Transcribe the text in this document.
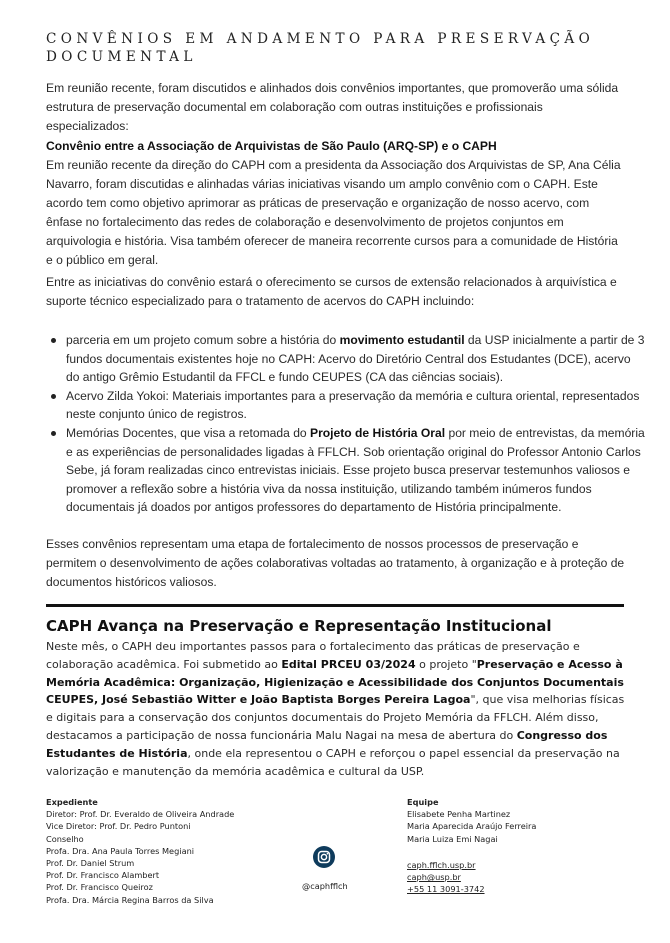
CONVÊNIOS EM ANDAMENTO PARA PRESERVAÇÃO DOCUMENTAL
Em reunião recente, foram discutidos e alinhados dois convênios importantes, que promoverão uma sólida estrutura de preservação documental em colaboração com outras instituições e profissionais especializados:
Convênio entre a Associação de Arquivistas de São Paulo (ARQ-SP) e o CAPH
Em reunião recente da direção do CAPH com a presidenta da Associação dos Arquivistas de SP, Ana Célia Navarro, foram discutidas e alinhadas várias iniciativas visando um amplo convênio com o CAPH. Este acordo tem como objetivo aprimorar as práticas de preservação e organização de nosso acervo, com ênfase no fortalecimento das redes de colaboração e desenvolvimento de projetos conjuntos em arquivologia e história. Visa também oferecer de maneira recorrente cursos para a comunidade de História e o público em geral.
Entre as iniciativas do convênio estará o oferecimento se cursos de extensão relacionados à arquivística e suporte técnico especializado para o tratamento de acervos do CAPH incluindo:
parceria em um projeto comum sobre a história do movimento estudantil da USP inicialmente a partir de 3 fundos documentais existentes hoje no CAPH: Acervo do Diretório Central dos Estudantes (DCE), acervo do antigo Grêmio Estudantil da FFCL e fundo CEUPES (CA das ciências sociais).
Acervo Zilda Yokoi: Materiais importantes para a preservação da memória e cultura oriental, representados neste conjunto único de registros.
Memórias Docentes, que visa a retomada do Projeto de História Oral por meio de entrevistas, da memória e as experiências de personalidades ligadas à FFLCH. Sob orientação original do Professor Antonio Carlos Sebe, já foram realizadas cinco entrevistas iniciais. Esse projeto busca preservar testemunhos valiosos e promover a reflexão sobre a história viva da nossa instituição, utilizando também inúmeros fundos documentais já doados por antigos professores do departamento de História principalmente.
Esses convênios representam uma etapa de fortalecimento de nossos processos de preservação e permitem o desenvolvimento de ações colaborativas voltadas ao tratamento, à organização e à proteção de documentos históricos valiosos.
CAPH Avança na Preservação e Representação Institucional
Neste mês, o CAPH deu importantes passos para o fortalecimento das práticas de preservação e colaboração acadêmica. Foi submetido ao Edital PRCEU 03/2024 o projeto "Preservação e Acesso à Memória Acadêmica: Organização, Higienização e Acessibilidade dos Conjuntos Documentais CEUPES, José Sebastião Witter e João Baptista Borges Pereira Lagoa", que visa melhorias físicas e digitais para a conservação dos conjuntos documentais do Projeto Memória da FFLCH. Além disso, destacamos a participação de nossa funcionária Malu Nagai na mesa de abertura do Congresso dos Estudantes de História, onde ela representou o CAPH e reforçou o papel essencial da preservação na valorização e manutenção da memória acadêmica e cultural da USP.
Expediente
Diretor: Prof. Dr. Everaldo de Oliveira Andrade
Vice Diretor: Prof. Dr. Pedro Puntoni
Conselho
Profa. Dra. Ana Paula Torres Megiani
Prof. Dr. Daniel Strum
Prof. Dr. Francisco Alambert
Prof. Dr. Francisco Queiroz
Profa. Dra. Márcia Regina Barros da Silva
@caphfflch
Equipe
Elisabete Penha Martinez
Maria Aparecida Araújo Ferreira
Maria Luiza Emi Nagai
caph.fflch.usp.br
caph@usp.br
+55 11 3091-3742
